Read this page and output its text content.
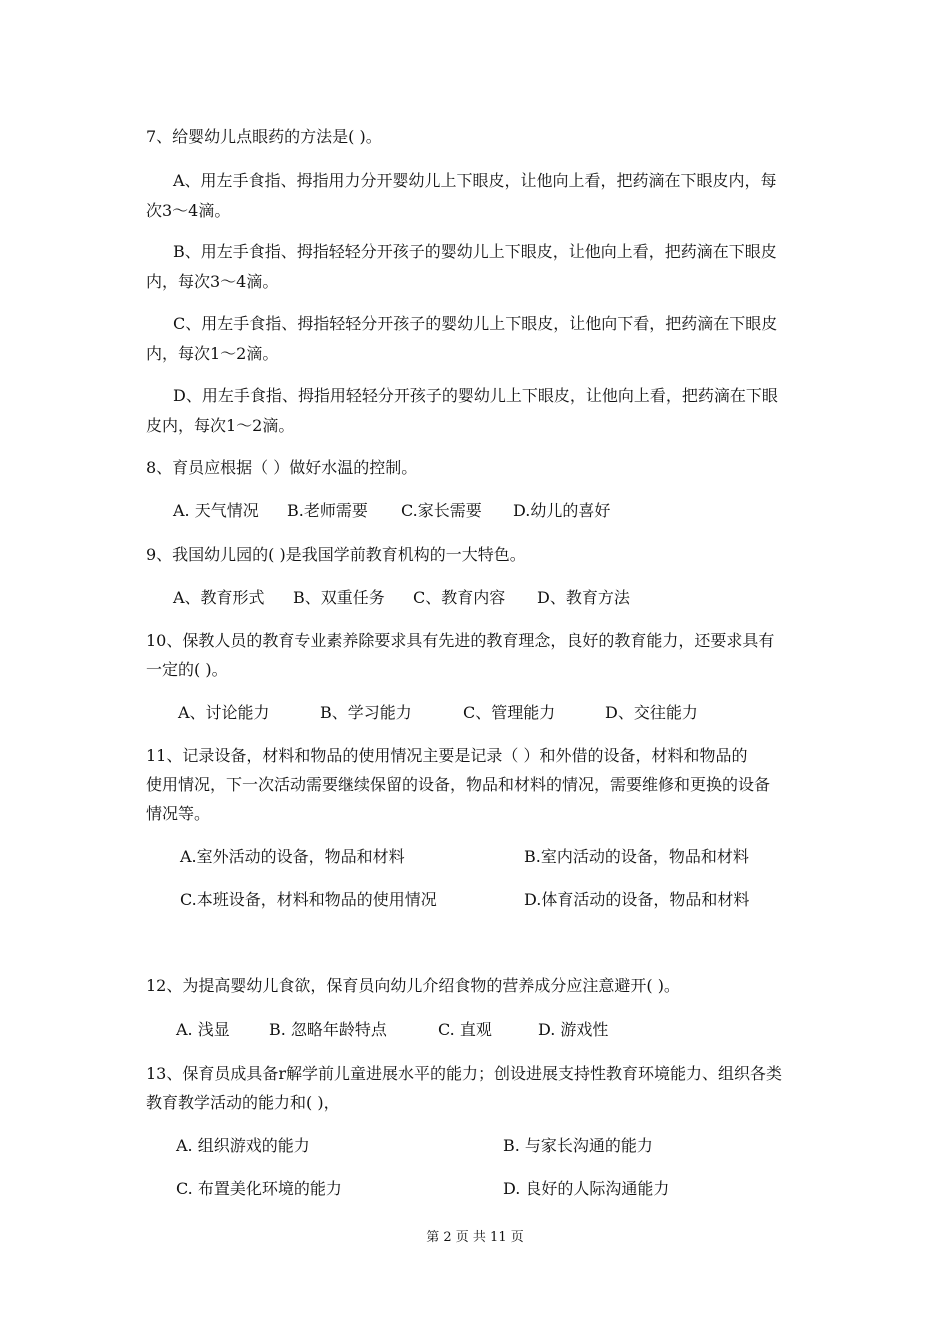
7、给婴幼儿点眼药的方法是( )。
A、用左手食指、拇指用力分开婴幼儿上下眼皮，让他向上看，把药滴在下眼皮内，每
次3～4滴。
B、用左手食指、拇指轻轻分开孩子的婴幼儿上下眼皮，让他向上看，把药滴在下眼皮
内，每次3～4滴。
C、用左手食指、拇指轻轻分开孩子的婴幼儿上下眼皮，让他向下看，把药滴在下眼皮
内，每次1～2滴。
D、用左手食指、拇指用轻轻分开孩子的婴幼儿上下眼皮，让他向上看，把药滴在下眼
皮内，每次1～2滴。
8、育员应根据（ ）做好水温的控制。
A. 天气情况 B.老师需要 C.家长需要 D.幼儿的喜好
9、我国幼儿园的( )是我国学前教育机构的一大特色。
A、教育形式 B、双重任务 C、教育内容 D、教育方法
10、保教人员的教育专业素养除要求具有先进的教育理念，良好的教育能力，还要求具有
一定的( )。
A、讨论能力	B、学习能力	C、管理能力	D、交往能力
11、记录设备，材料和物品的使用情况主要是记录（ ）和外借的设备，材料和物品的
使用情况，下一次活动需要继续保留的设备，物品和材料的情况，需要维修和更换的设备
情况等。
A.室外活动的设备，物品和材料	B.室内活动的设备，物品和材料
C.本班设备，材料和物品的使用情况	D.体育活动的设备，物品和材料
12、为提高婴幼儿食欲，保育员向幼儿介绍食物的营养成分应注意避开( )。
A. 浅显 B. 忽略年龄特点	C. 直观	D. 游戏性
13、保育员成具备r解学前儿童进展水平的能力；创设进展支持性教育环境能力、组织各类
教育教学活动的能力和( )，
A. 组织游戏的能力	B. 与家长沟通的能力
C. 布置美化环境的能力	D. 良好的人际沟通能力
第 2 页 共 11 页
